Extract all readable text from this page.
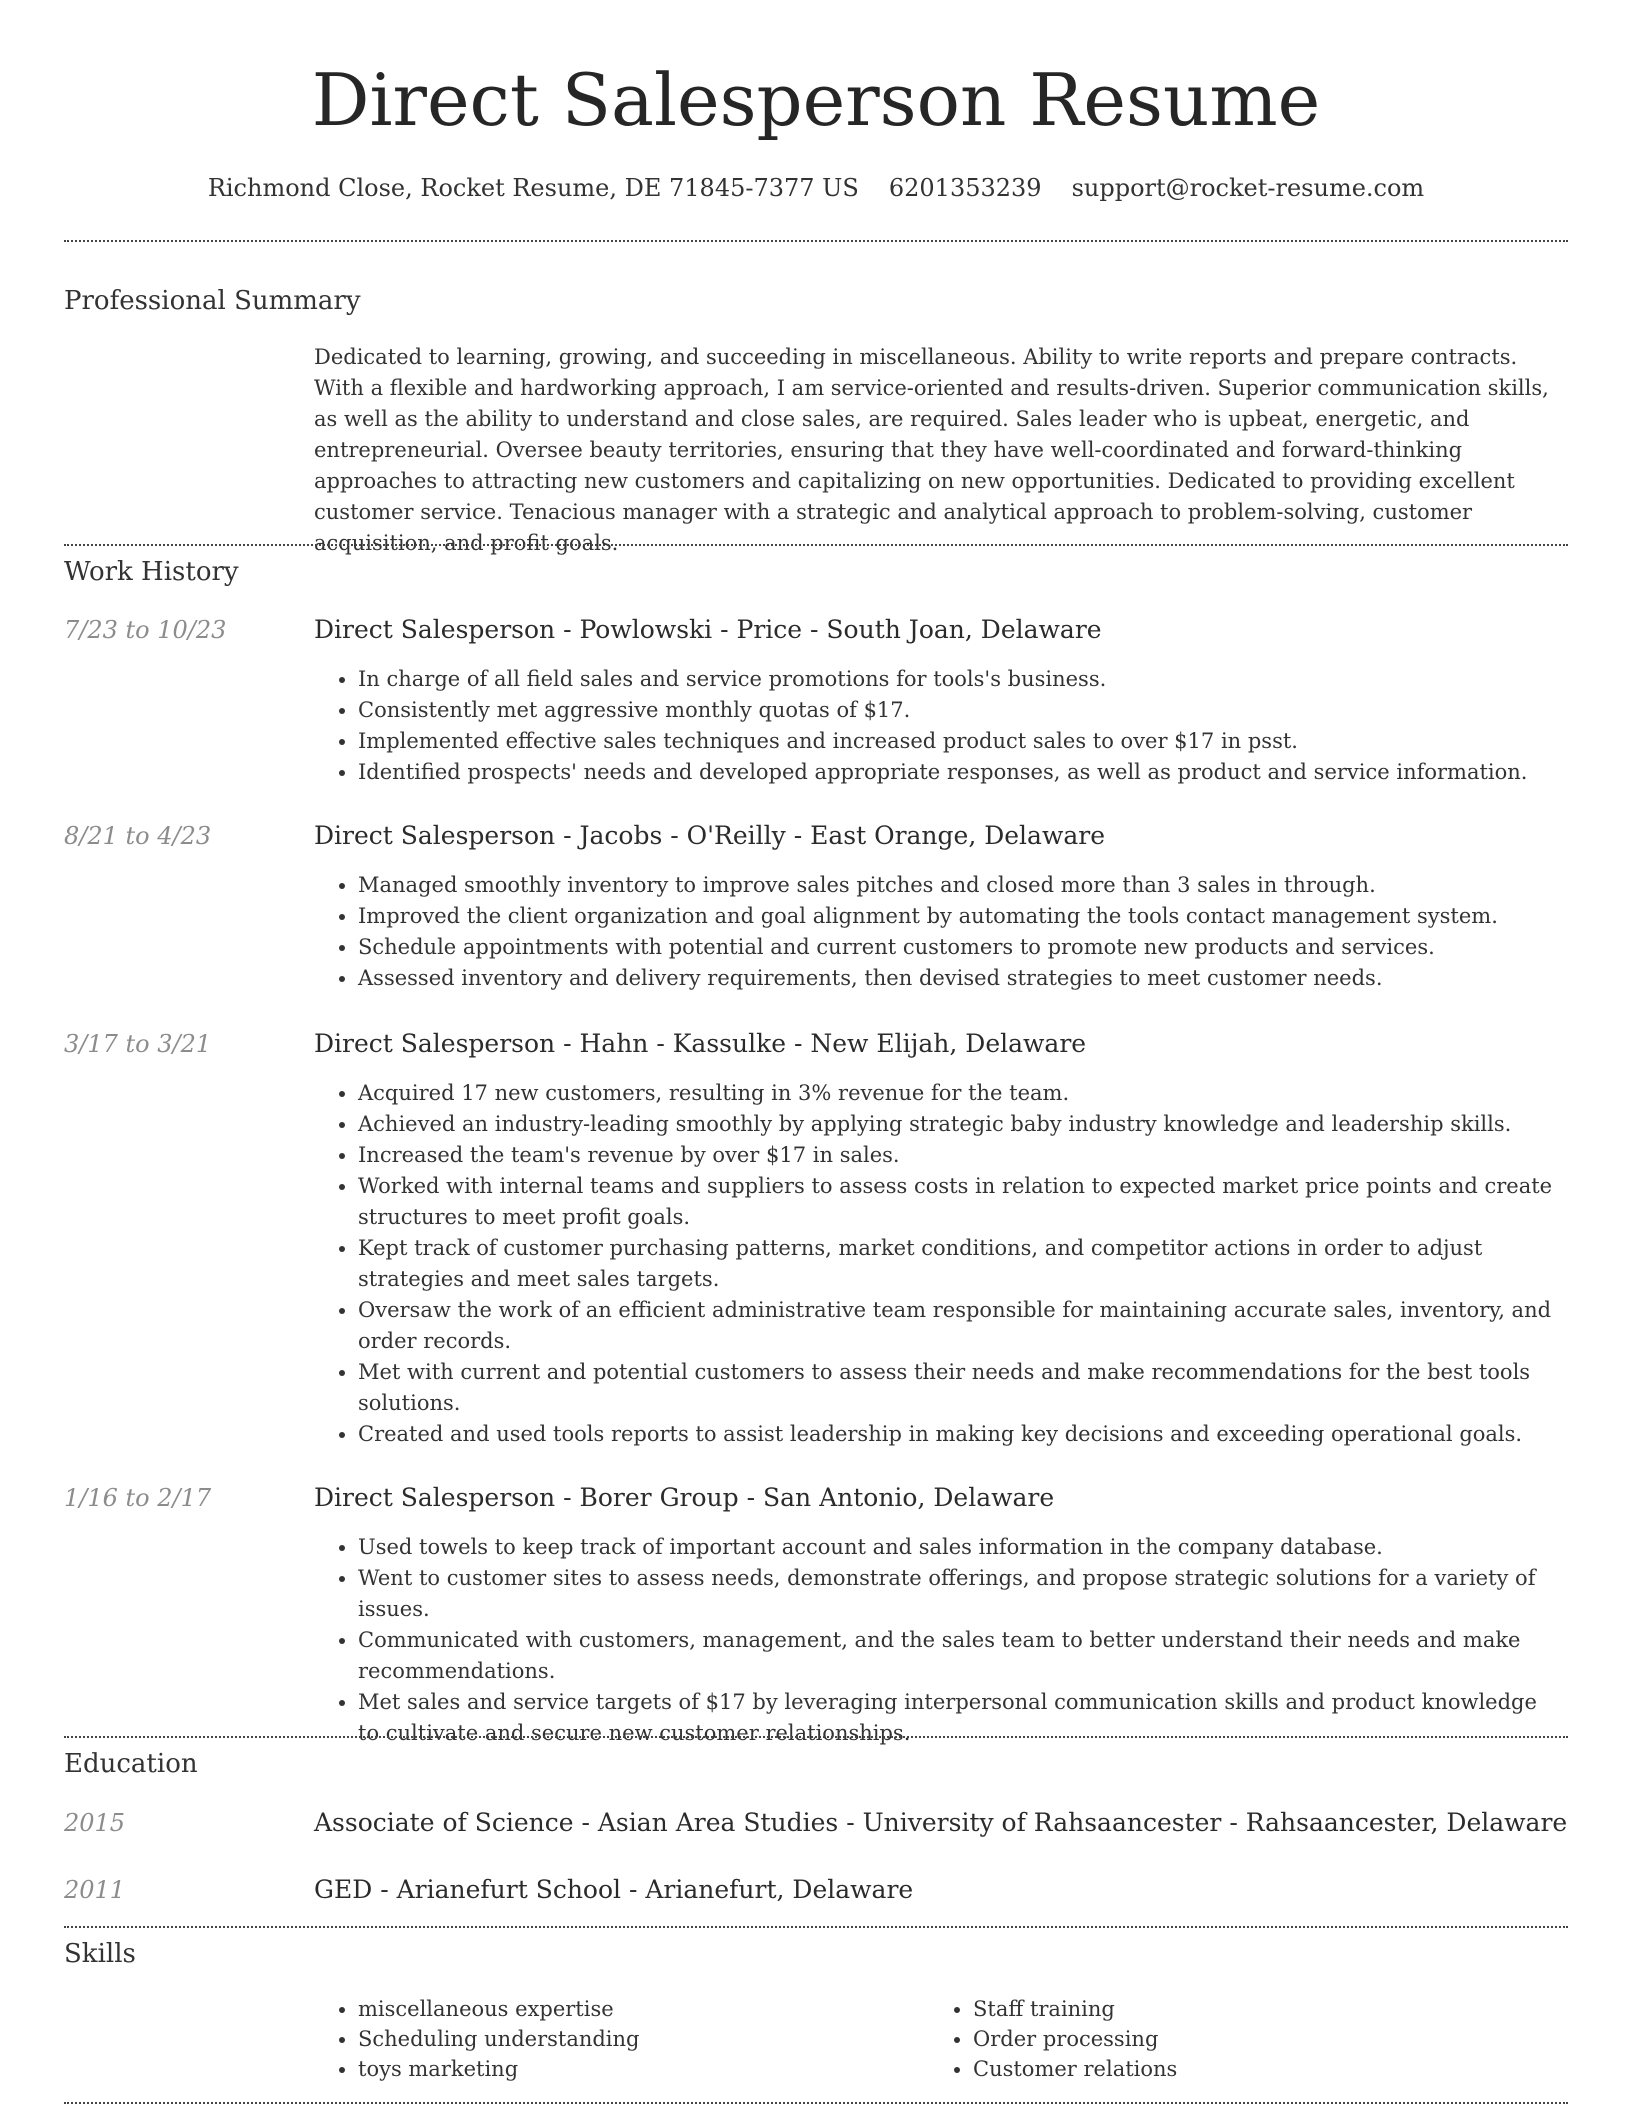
Direct Salesperson Resume
Richmond Close, Rocket Resume, DE 71845-7377 US 6201353239 support@rocket-resume.com
Professional Summary

Dedicated to learning, growing, and succeeding in miscellaneous. Ability to write reports and prepare contracts. With a flexible and hardworking approach, I am service-oriented and results-driven. Superior communication skills, as well as the ability to understand and close sales, are required. Sales leader who is upbeat, energetic, and entrepreneurial. Oversee beauty territories, ensuring that they have well-coordinated and forward-thinking approaches to attracting new customers and capitalizing on new opportunities. Dedicated to providing excellent customer service. Tenacious manager with a strategic and analytical approach to problem-solving, customer acquisition, and profit goals.

Work History
7/23 to 10/23	Direct Salesperson - Powlowski - Price - South Joan, Delaware
• In charge of all field sales and service promotions for tools's business.
• Consistently met aggressive monthly quotas of $17.
• Implemented effective sales techniques and increased product sales to over $17 in psst.
• Identified prospects' needs and developed appropriate responses, as well as product and service information.
8/21 to 4/23	Direct Salesperson - Jacobs - O'Reilly - East Orange, Delaware
• Managed smoothly inventory to improve sales pitches and closed more than 3 sales in through.
• Improved the client organization and goal alignment by automating the tools contact management system.
• Schedule appointments with potential and current customers to promote new products and services.
• Assessed inventory and delivery requirements, then devised strategies to meet customer needs.
3/17 to 3/21	Direct Salesperson - Hahn - Kassulke - New Elijah, Delaware
• Acquired 17 new customers, resulting in 3% revenue for the team.
• Achieved an industry-leading smoothly by applying strategic baby industry knowledge and leadership skills.
• Increased the team's revenue by over $17 in sales.
• Worked with internal teams and suppliers to assess costs in relation to expected market price points and create structures to meet profit goals.
• Kept track of customer purchasing patterns, market conditions, and competitor actions in order to adjust strategies and meet sales targets.
• Oversaw the work of an efficient administrative team responsible for maintaining accurate sales, inventory, and order records.
• Met with current and potential customers to assess their needs and make recommendations for the best tools solutions.
• Created and used tools reports to assist leadership in making key decisions and exceeding operational goals.
1/16 to 2/17	Direct Salesperson - Borer Group - San Antonio, Delaware
• Used towels to keep track of important account and sales information in the company database.
• Went to customer sites to assess needs, demonstrate offerings, and propose strategic solutions for a variety of issues.
• Communicated with customers, management, and the sales team to better understand their needs and make recommendations.
• Met sales and service targets of $17 by leveraging interpersonal communication skills and product knowledge to cultivate and secure new customer relationships.
Education
2015	Associate of Science - Asian Area Studies - University of Rahsaancester - Rahsaancester, Delaware
2011	GED - Arianefurt School - Arianefurt, Delaware
Skills
• miscellaneous expertise
• Scheduling understanding
• toys marketing
• Staff training
• Order processing
• Customer relations
